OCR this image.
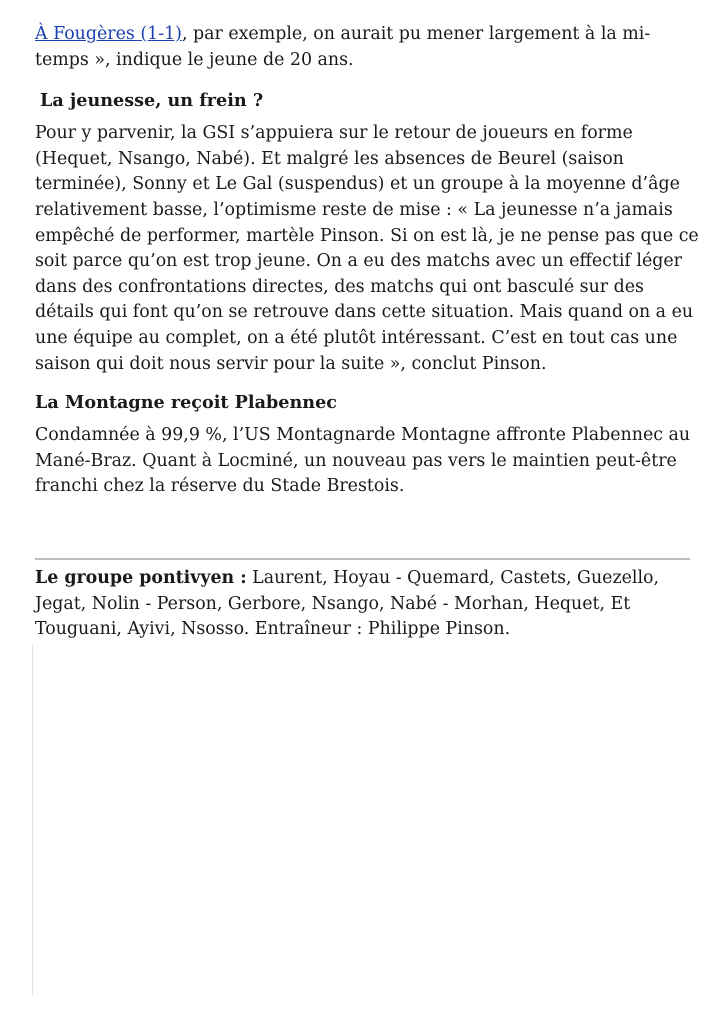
À Fougères (1-1), par exemple, on aurait pu mener largement à la mi-temps », indique le jeune de 20 ans.

La jeunesse, un frein ?

Pour y parvenir, la GSI s’appuiera sur le retour de joueurs en forme (Hequet, Nsango, Nabé). Et malgré les absences de Beurel (saison terminée), Sonny et Le Gal (suspendus) et un groupe à la moyenne d’âge relativement basse, l’optimisme reste de mise : « La jeunesse n’a jamais empêché de performer, martèle Pinson. Si on est là, je ne pense pas que ce soit parce qu’on est trop jeune. On a eu des matchs avec un effectif léger dans des confrontations directes, des matchs qui ont basculé sur des détails qui font qu’on se retrouve dans cette situation. Mais quand on a eu une équipe au complet, on a été plutôt intéressant. C’est en tout cas une saison qui doit nous servir pour la suite », conclut Pinson.

La Montagne reçoit Plabennec

Condamnée à 99,9 %, l’US Montagnarde Montagne affronte Plabennec au Mané-Braz. Quant à Locminé, un nouveau pas vers le maintien peut-être franchi chez la réserve du Stade Brestois.

Le groupe pontivyen : Laurent, Hoyau - Quemard, Castets, Guezello, Jegat, Nolin - Person, Gerbore, Nsango, Nabé - Morhan, Hequet, Et Touguani, Ayivi, Nsosso. Entraîneur : Philippe Pinson.
